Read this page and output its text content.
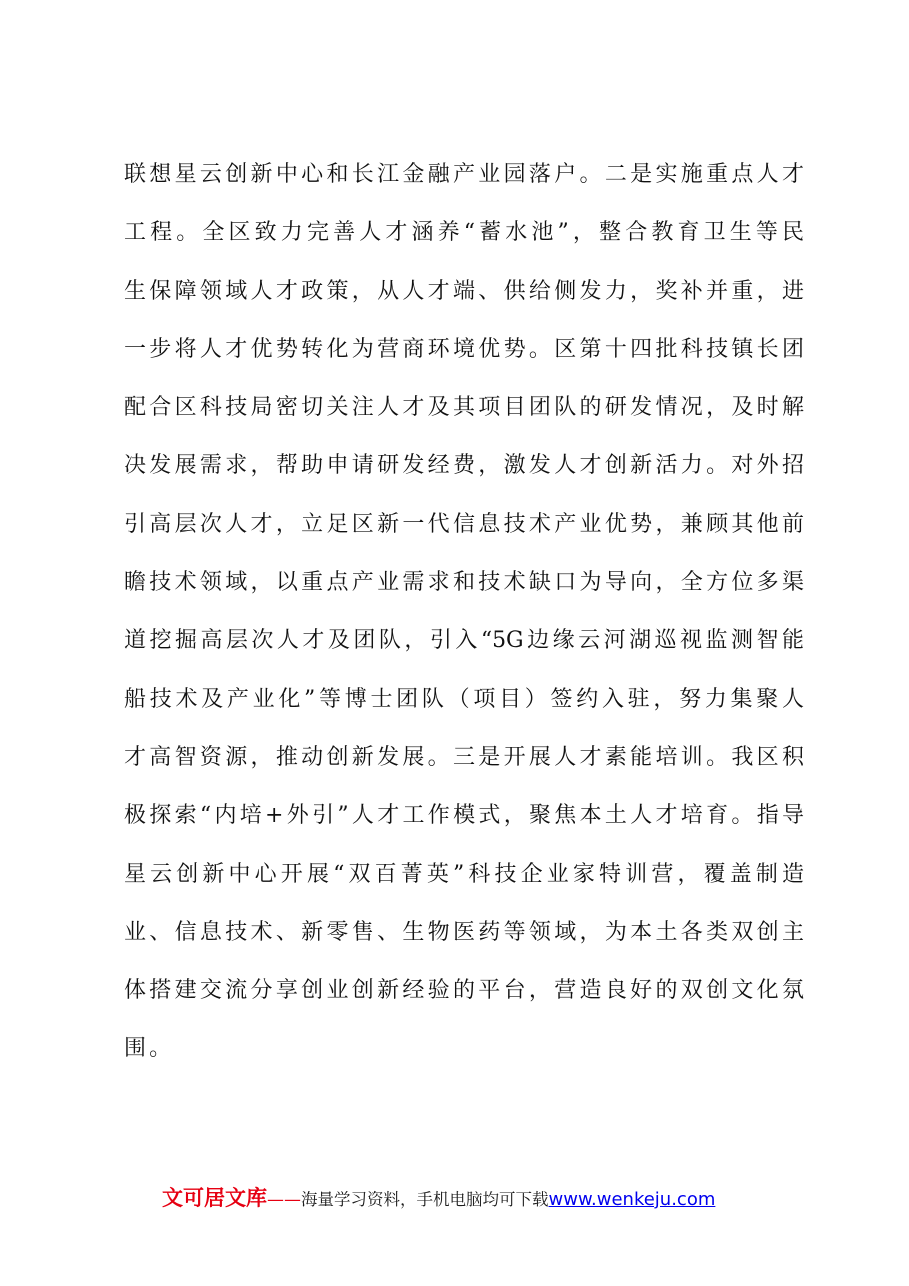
联想星云创新中心和长江金融产业园落户。二是实施重点人才
工程。全区致力完善人才涵养“蓄水池”，整合教育卫生等民
生保障领域人才政策，从人才端、供给侧发力，奖补并重，进
一步将人才优势转化为营商环境优势。区第十四批科技镇长团
配合区科技局密切关注人才及其项目团队的研发情况，及时解
决发展需求，帮助申请研发经费，激发人才创新活力。对外招
引高层次人才，立足区新一代信息技术产业优势，兼顾其他前
瞻技术领域，以重点产业需求和技术缺口为导向，全方位多渠
道挖掘高层次人才及团队，引入“5G边缘云河湖巡视监测智能
船技术及产业化”等博士团队（项目）签约入驻，努力集聚人
才高智资源，推动创新发展。三是开展人才素能培训。我区积
极探索“内培+外引”人才工作模式，聚焦本土人才培育。指导
星云创新中心开展“双百菁英”科技企业家特训营，覆盖制造
业、信息技术、新零售、生物医药等领域，为本土各类双创主
体搭建交流分享创业创新经验的平台，营造良好的双创文化氛
围。
文可居文库——海量学习资料，手机电脑均可下载www.wenkeju.com
